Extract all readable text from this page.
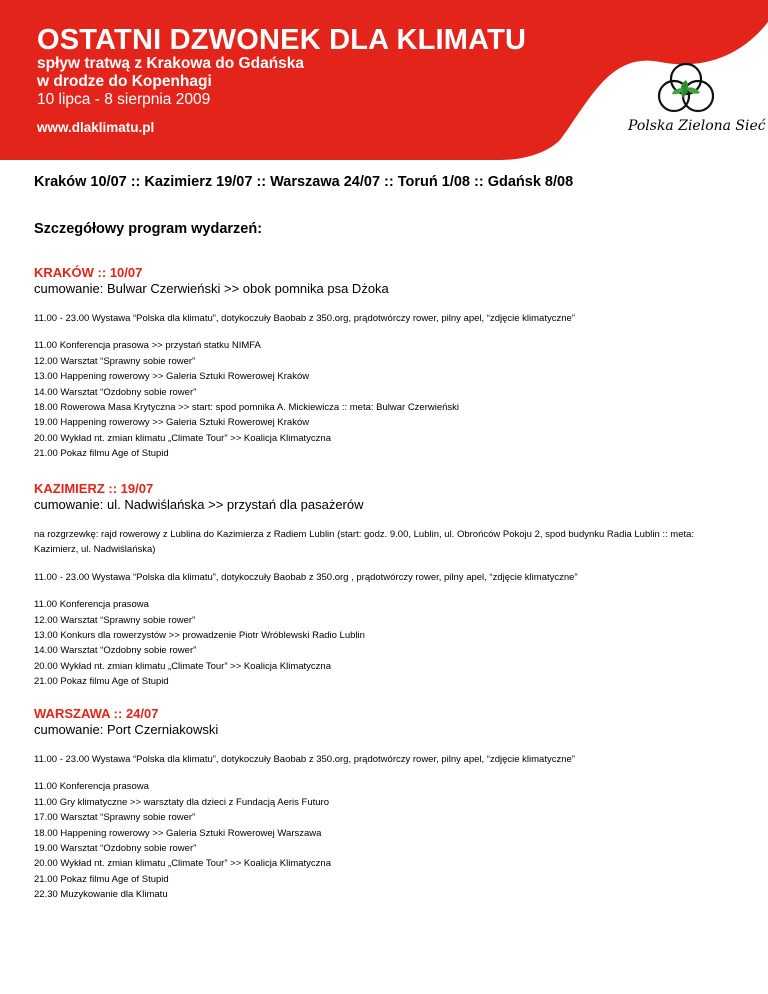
OSTATNI DZWONEK DLA KLIMATU
spływ tratwą z Krakowa do Gdańska
w drodze do Kopenhagi
10 lipca - 8 sierpnia 2009
www.dlaklimatu.pl	Polska Zielona Sieć
Kraków 10/07 :: Kazimierz 19/07 :: Warszawa 24/07 :: Toruń 1/08 :: Gdańsk 8/08
Szczegółowy program wydarzeń:
KRAKÓW :: 10/07
cumowanie: Bulwar Czerwieński >> obok pomnika psa Dżoka
11.00 - 23.00 Wystawa “Polska dla klimatu”, dotykoczuły Baobab z 350.org, prądotwórczy rower, pilny apel, “zdjęcie klimatyczne”
11.00 Konferencja prasowa >> przystań statku NIMFA
12.00 Warsztat “Sprawny sobie rower”
13.00 Happening rowerowy >> Galeria Sztuki Rowerowej Kraków
14.00 Warsztat “Ozdobny sobie rower”
18.00 Rowerowa Masa Krytyczna >> start: spod pomnika A. Mickiewicza :: meta: Bulwar Czerwieński
19.00 Happening rowerowy >> Galeria Sztuki Rowerowej Kraków
20.00 Wykład nt. zmian klimatu „Climate Tour” >> Koalicja Klimatyczna
21.00 Pokaz filmu Age of Stupid
KAZIMIERZ :: 19/07
cumowanie: ul. Nadwiślańska >> przystań dla pasażerów
na rozgrzewkę: rajd rowerowy z Lublina do Kazimierza z Radiem Lublin (start: godz. 9.00, Lublin, ul. Obrońców Pokoju 2, spod budynku Radia Lublin :: meta: Kazimierz, ul. Nadwiślańska)
11.00 - 23.00 Wystawa “Polska dla klimatu”, dotykoczuły Baobab z 350.org , prądotwórczy rower, pilny apel, “zdjęcie klimatyczne”
11.00 Konferencja prasowa
12.00 Warsztat “Sprawny sobie rower”
13.00 Konkurs dla rowerzystów >> prowadzenie Piotr Wróblewski Radio Lublin
14.00 Warsztat “Ozdobny sobie rower”
20.00 Wykład nt. zmian klimatu „Climate Tour” >> Koalicja Klimatyczna
21.00 Pokaz filmu Age of Stupid
WARSZAWA :: 24/07
cumowanie: Port Czerniakowski
11.00 - 23.00 Wystawa “Polska dla klimatu”, dotykoczuły Baobab z 350.org, prądotwórczy rower, pilny apel, “zdjęcie klimatyczne”
11.00 Konferencja prasowa
11.00 Gry klimatyczne >> warsztaty dla dzieci z Fundacją Aeris Futuro
17.00 Warsztat “Sprawny sobie rower”
18.00 Happening rowerowy >> Galeria Sztuki Rowerowej Warszawa
19.00 Warsztat “Ozdobny sobie rower”
20.00 Wykład nt. zmian klimatu „Climate Tour” >> Koalicja Klimatyczna
21.00 Pokaz filmu Age of Stupid
22.30 Muzykowanie dla Klimatu
